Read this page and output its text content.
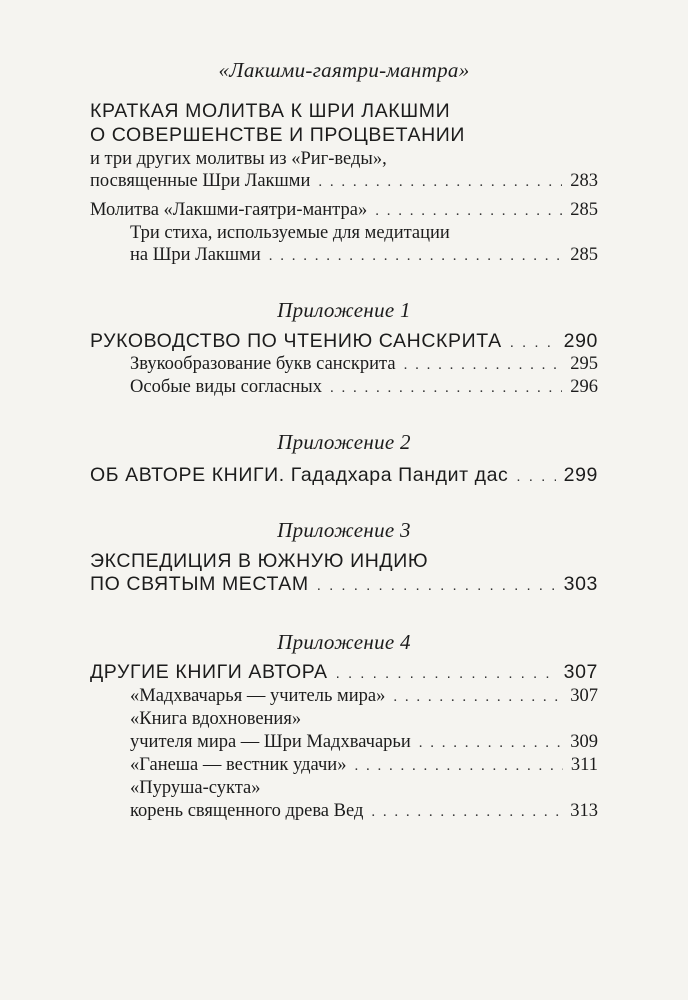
«Лакшми-гаятри-мантра»
КРАТКАЯ МОЛИТВА К ШРИ ЛАКШМИ
О СОВЕРШЕНСТВЕ И ПРОЦВЕТАНИИ
и три других молитвы из «Риг-веды»,
посвященные Шри Лакшми . . .	283
Молитва «Лакшми-гаятри-мантра» . . .	285
Три стиха, используемые для медитации
на Шри Лакшми . . .	285
Приложение 1
РУКОВОДСТВО ПО ЧТЕНИЮ САНСКРИТА . . .	290
Звукообразование букв санскрита . . .	295
Особые виды согласных . . .	296
Приложение 2
ОБ АВТОРЕ КНИГИ. Гададхара Пандит дас . . .	299
Приложение 3
ЭКСПЕДИЦИЯ В ЮЖНУЮ ИНДИЮ
ПО СВЯТЫМ МЕСТАМ . . .	303
Приложение 4
ДРУГИЕ КНИГИ АВТОРА . . .	307
«Мадхвачарья — учитель мира» . . .	307
«Книга вдохновения»
учителя мира — Шри Мадхвачарьи . . .	309
«Ганеша — вестник удачи» . . .	311
«Пуруша-сукта»
корень священного древа Вед . . .	313
